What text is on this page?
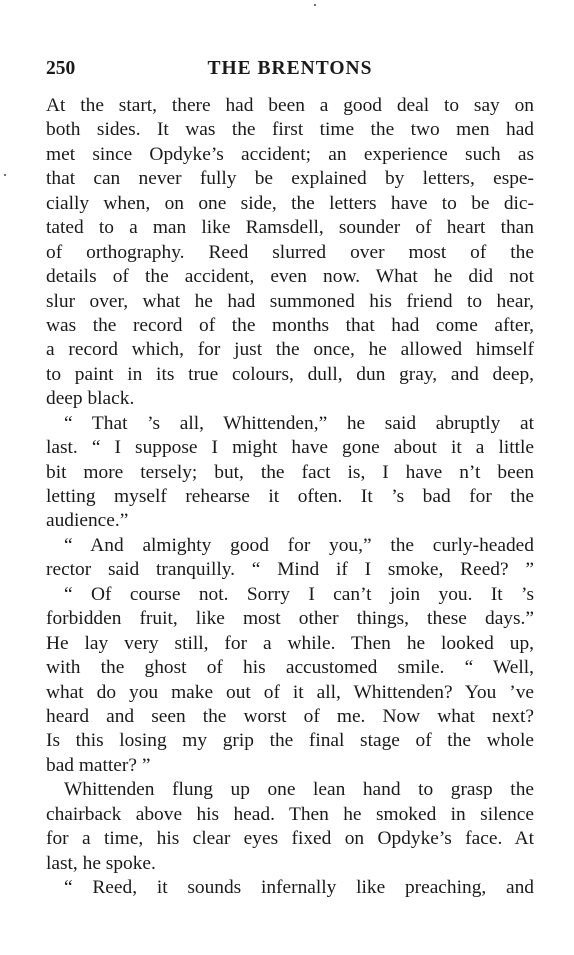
250	THE BRENTONS
At the start, there had been a good deal to say on
both sides. It was the first time the two men had
met since Opdyke’s accident; an experience such as
that can never fully be explained by letters, espe-
cially when, on one side, the letters have to be dic-
tated to a man like Ramsdell, sounder of heart than
of orthography. Reed slurred over most of the
details of the accident, even now. What he did not
slur over, what he had summoned his friend to hear,
was the record of the months that had come after,
a record which, for just the once, he allowed himself
to paint in its true colours, dull, dun gray, and deep,
deep black.
“ That ’s all, Whittenden,” he said abruptly at
last. “ I suppose I might have gone about it a little
bit more tersely; but, the fact is, I have n’t been
letting myself rehearse it often. It ’s bad for the
audience.”
“ And almighty good for you,” the curly-headed
rector said tranquilly. “ Mind if I smoke, Reed? ”
“ Of course not. Sorry I can’t join you. It ’s
forbidden fruit, like most other things, these days.”
He lay very still, for a while. Then he looked up,
with the ghost of his accustomed smile. “ Well,
what do you make out of it all, Whittenden? You ’ve
heard and seen the worst of me. Now what next?
Is this losing my grip the final stage of the whole
bad matter? ”
Whittenden flung up one lean hand to grasp the
chairback above his head. Then he smoked in silence
for a time, his clear eyes fixed on Opdyke’s face. At
last, he spoke.
“ Reed, it sounds infernally like preaching, and
